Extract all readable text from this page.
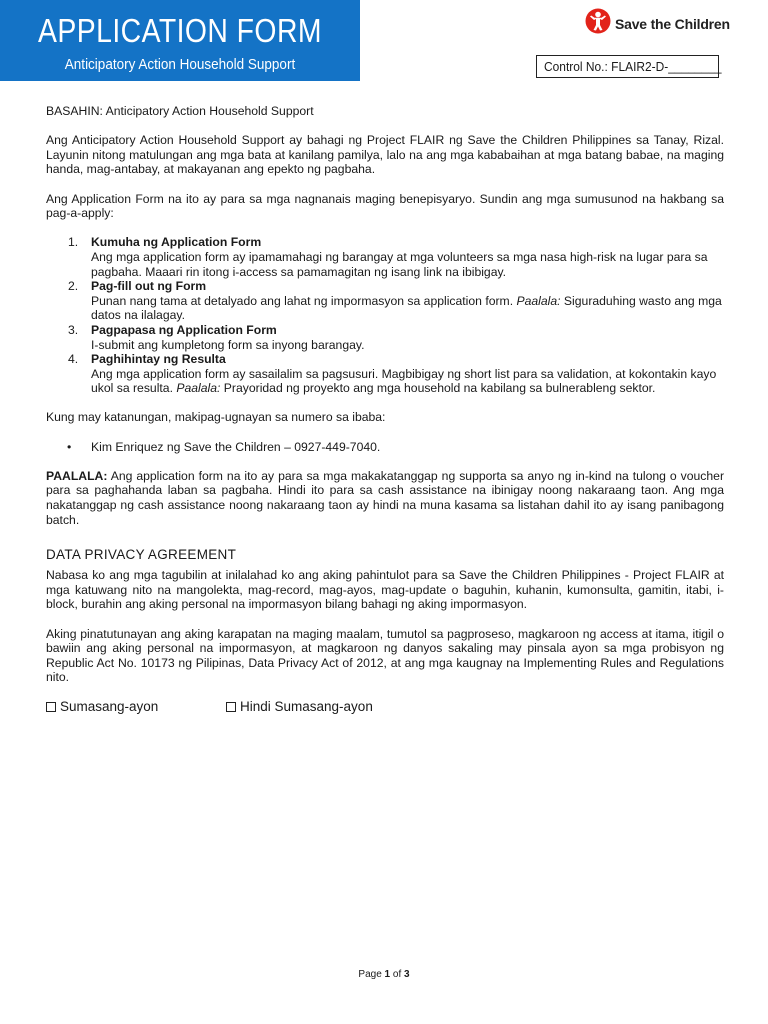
APPLICATION FORM
Anticipatory Action Household Support
Save the Children
Control No.: FLAIR2-D-________

BASAHIN: Anticipatory Action Household Support

Ang Anticipatory Action Household Support ay bahagi ng Project FLAIR ng Save the Children Philippines sa Tanay, Rizal. Layunin nitong matulungan ang mga bata at kanilang pamilya, lalo na ang mga kababaihan at mga batang babae, na maging handa, mag-antabay, at makayanan ang epekto ng pagbaha.

Ang Application Form na ito ay para sa mga nagnanais maging benepisyaryo. Sundin ang mga sumusunod na hakbang sa pag-a-apply:

1. Kumuha ng Application Form
Ang mga application form ay ipamamahagi ng barangay at mga volunteers sa mga nasa high-risk na lugar para sa pagbaha. Maaari rin itong i-access sa pamamagitan ng isang link na ibibigay.
2. Pag-fill out ng Form
Punan nang tama at detalyado ang lahat ng impormasyon sa application form. Paalala: Siguraduhing wasto ang mga datos na ilalagay.
3. Pagpapasa ng Application Form
I-submit ang kumpletong form sa inyong barangay.
4. Paghihintay ng Resulta
Ang mga application form ay sasailalim sa pagsusuri. Magbibigay ng short list para sa validation, at kokontakin kayo ukol sa resulta. Paalala: Prayoridad ng proyekto ang mga household na kabilang sa bulnerableng sektor.

Kung may katanungan, makipag-ugnayan sa numero sa ibaba:

• Kim Enriquez ng Save the Children – 0927-449-7040.

PAALALA: Ang application form na ito ay para sa mga makakatanggap ng supporta sa anyo ng in-kind na tulong o voucher para sa paghahanda laban sa pagbaha. Hindi ito para sa cash assistance na ibinigay noong nakaraang taon. Ang mga nakatanggap ng cash assistance noong nakaraang taon ay hindi na muna kasama sa listahan dahil ito ay isang panibagong batch.

DATA PRIVACY AGREEMENT

Nabasa ko ang mga tagubilin at inilalahad ko ang aking pahintulot para sa Save the Children Philippines - Project FLAIR at mga katuwang nito na mangolekta, mag-record, mag-ayos, mag-update o baguhin, kuhanin, kumonsulta, gamitin, itabi, i-block, burahin ang aking personal na impormasyon bilang bahagi ng aking impormasyon.

Aking pinatutunayan ang aking karapatan na maging maalam, tumutol sa pagproseso, magkaroon ng access at itama, itigil o bawiin ang aking personal na impormasyon, at magkaroon ng danyos sakaling may pinsala ayon sa mga probisyon ng Republic Act No. 10173 ng Pilipinas, Data Privacy Act of 2012, at ang mga kaugnay na Implementing Rules and Regulations nito.

Sumasang-ayon	Hindi Sumasang-ayon
Page 1 of 3
